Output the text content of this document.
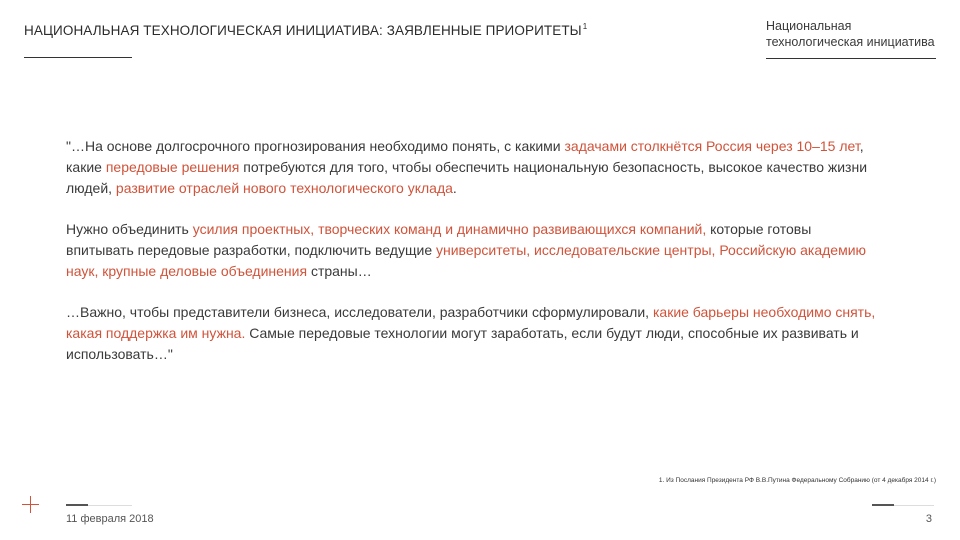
НАЦИОНАЛЬНАЯ ТЕХНОЛОГИЧЕСКАЯ ИНИЦИАТИВА: ЗАЯВЛЕННЫЕ ПРИОРИТЕТЫ$^1$	Национальная
технологическая инициатива

"…На основе долгосрочного прогнозирования необходимо понять, с какими задачами столкнётся Россия через 10–15 лет, какие передовые решения потребуются для того, чтобы обеспечить национальную безопасность, высокое качество жизни людей, развитие отраслей нового технологического уклада.

Нужно объединить усилия проектных, творческих команд и динамично развивающихся компаний, которые готовы впитывать передовые разработки, подключить ведущие университеты, исследовательские центры, Российскую академию наук, крупные деловые объединения страны…

…Важно, чтобы представители бизнеса, исследователи, разработчики сформулировали, какие барьеры необходимо снять, какая поддержка им нужна. Самые передовые технологии могут заработать, если будут люди, способные их развивать и использовать…"

1. Из Послания Президента РФ В.В.Путина Федеральному Собранию (от 4 декабря 2014 г.)
11 февраля 2018	3
